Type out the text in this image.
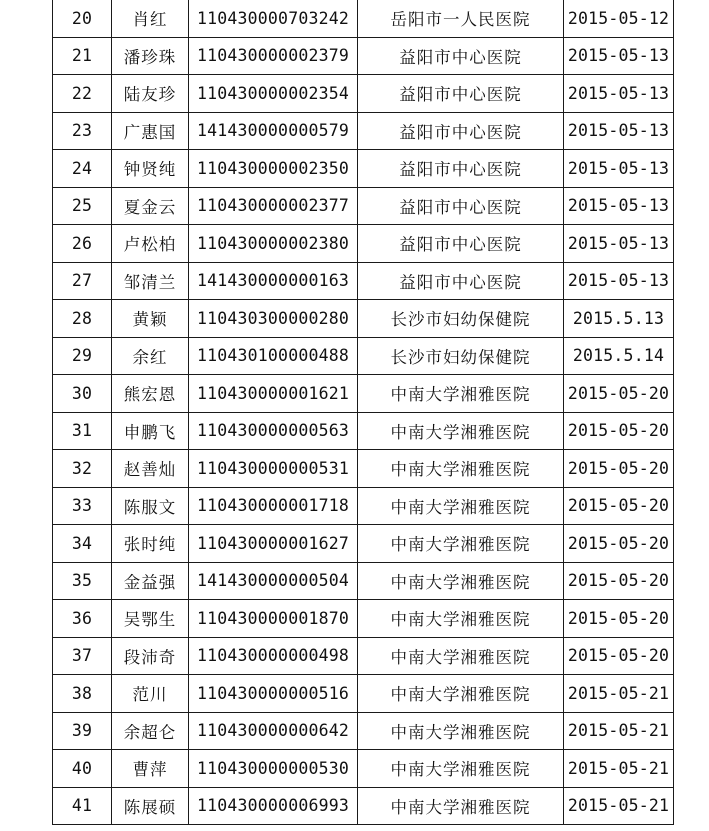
20	肖红	110430000703242	岳阳市一人民医院	2015-05-12
21	潘珍珠	110430000002379	益阳市中心医院	2015-05-13
22	陆友珍	110430000002354	益阳市中心医院	2015-05-13
23	广惠国	141430000000579	益阳市中心医院	2015-05-13
24	钟贤纯	110430000002350	益阳市中心医院	2015-05-13
25	夏金云	110430000002377	益阳市中心医院	2015-05-13
26	卢松柏	110430000002380	益阳市中心医院	2015-05-13
27	邹清兰	141430000000163	益阳市中心医院	2015-05-13
28	黄颖	110430300000280	长沙市妇幼保健院	2015.5.13
29	余红	110430100000488	长沙市妇幼保健院	2015.5.14
30	熊宏恩	110430000001621	中南大学湘雅医院	2015-05-20
31	申鹏飞	110430000000563	中南大学湘雅医院	2015-05-20
32	赵善灿	110430000000531	中南大学湘雅医院	2015-05-20
33	陈服文	110430000001718	中南大学湘雅医院	2015-05-20
34	张时纯	110430000001627	中南大学湘雅医院	2015-05-20
35	金益强	141430000000504	中南大学湘雅医院	2015-05-20
36	吴鄂生	110430000001870	中南大学湘雅医院	2015-05-20
37	段沛奇	110430000000498	中南大学湘雅医院	2015-05-20
38	范川	110430000000516	中南大学湘雅医院	2015-05-21
39	余超仑	110430000000642	中南大学湘雅医院	2015-05-21
40	曹萍	110430000000530	中南大学湘雅医院	2015-05-21
41	陈展硕	110430000006993	中南大学湘雅医院	2015-05-21
